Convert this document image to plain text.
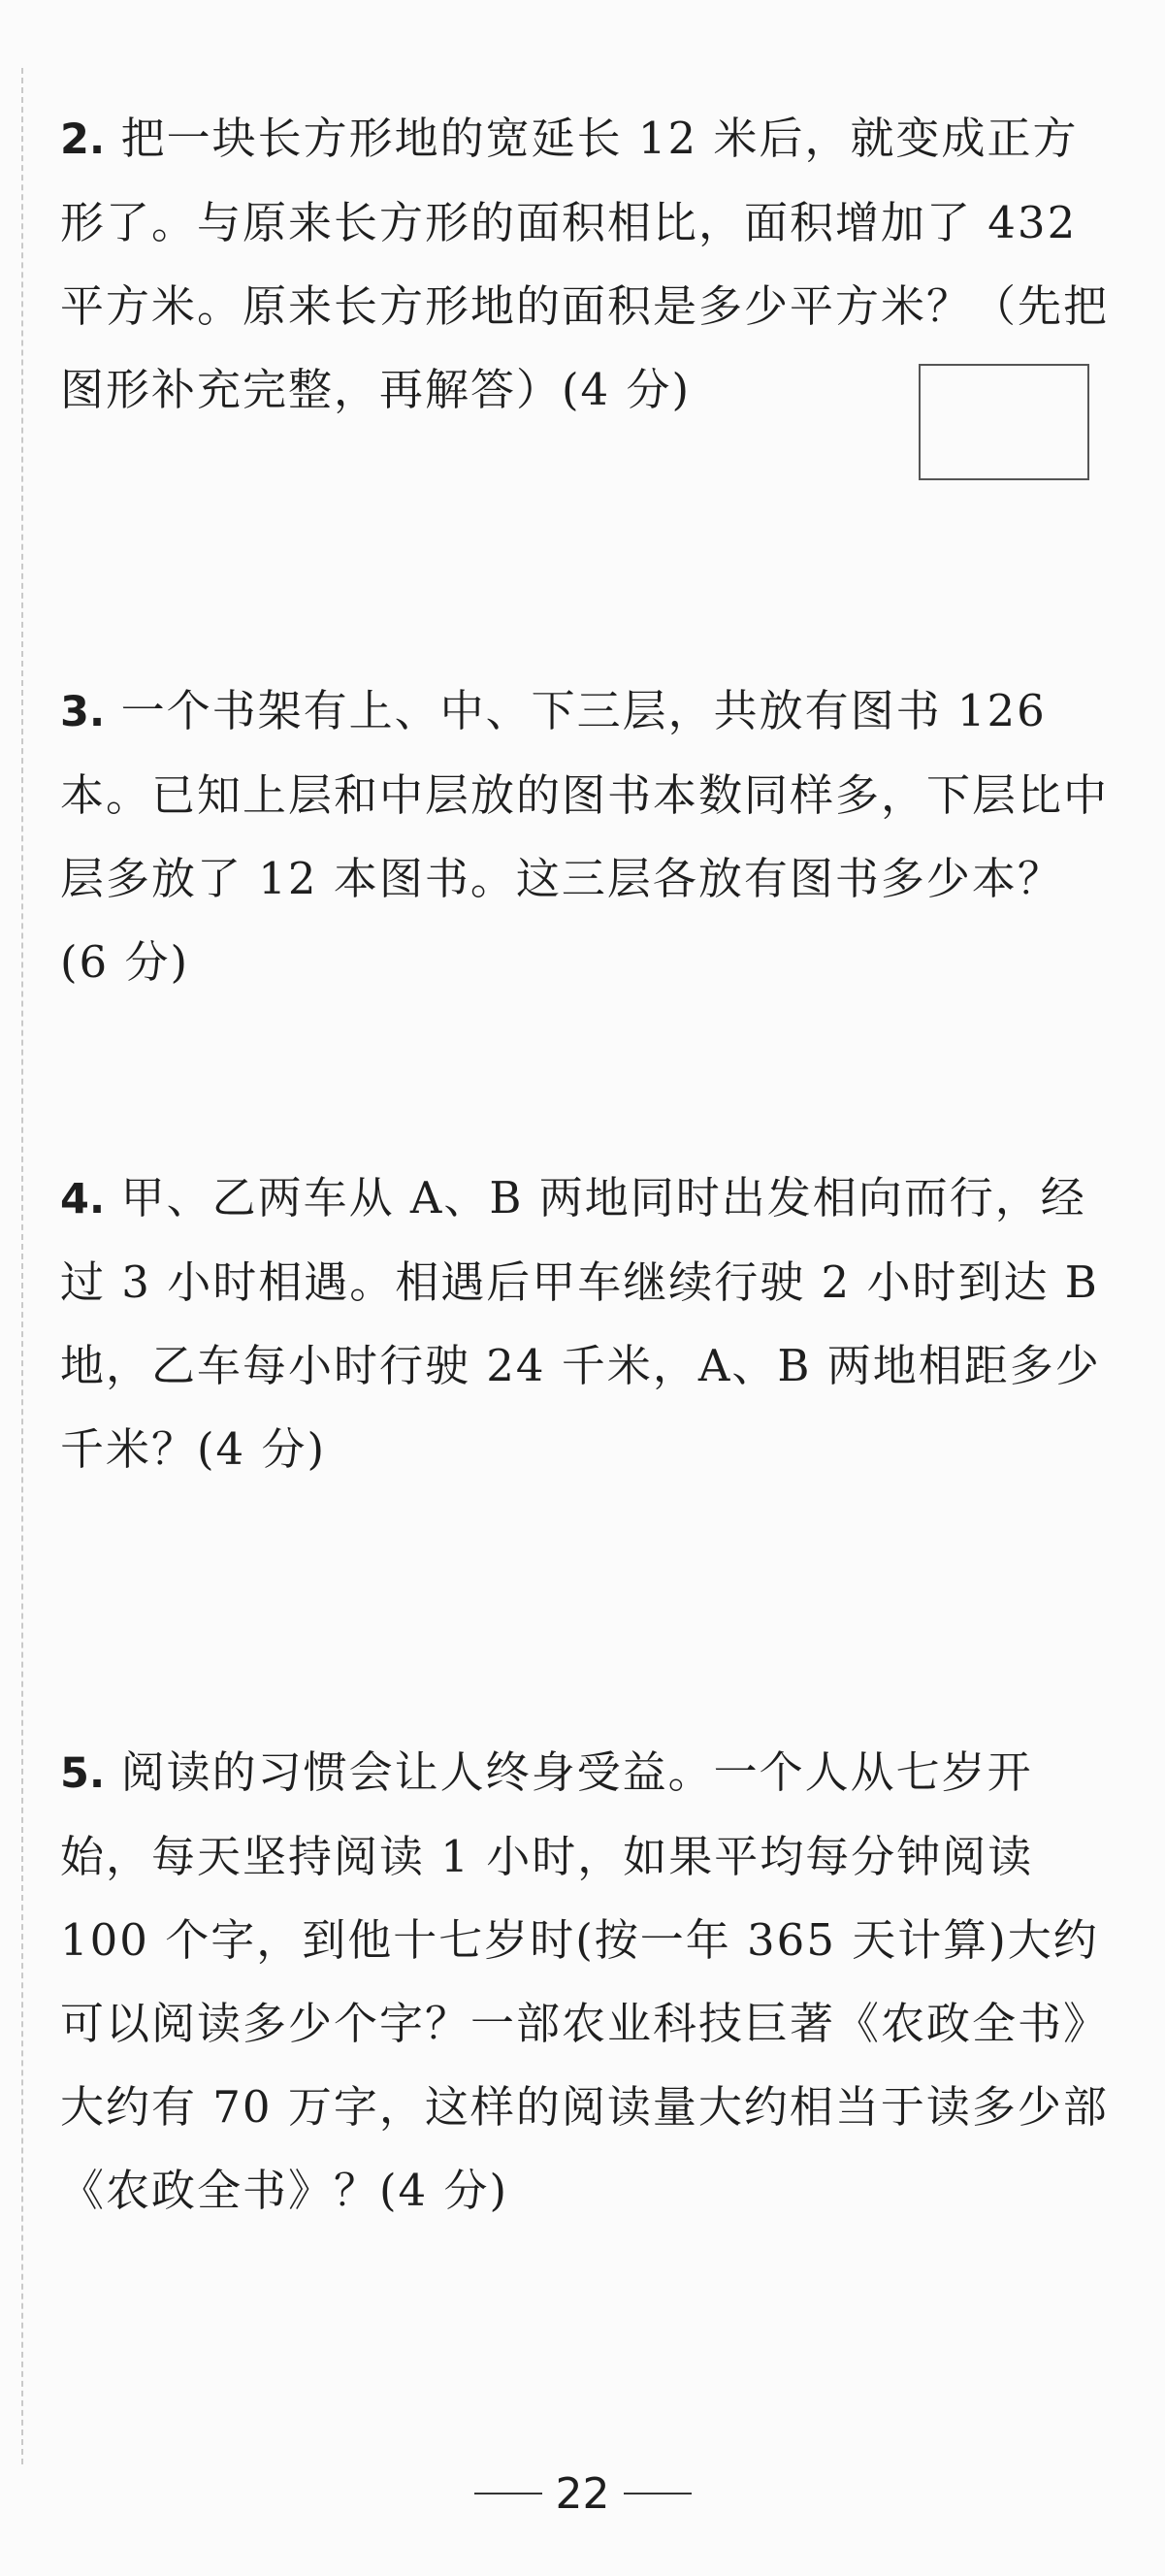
2. 把一块长方形地的宽延长 12 米后，就变成正方形了。与原来长方形的面积相比，面积增加了 432 平方米。原来长方形地的面积是多少平方米？（先把图形补充完整，再解答）(4 分)
3. 一个书架有上、中、下三层，共放有图书 126 本。已知上层和中层放的图书本数同样多，下层比中层多放了 12 本图书。这三层各放有图书多少本？(6 分)
4. 甲、乙两车从 A、B 两地同时出发相向而行，经过 3 小时相遇。相遇后甲车继续行驶 2 小时到达 B 地，乙车每小时行驶 24 千米，A、B 两地相距多少千米？(4 分)
5. 阅读的习惯会让人终身受益。一个人从七岁开始，每天坚持阅读 1 小时，如果平均每分钟阅读 100 个字，到他十七岁时(按一年 365 天计算)大约可以阅读多少个字？一部农业科技巨著《农政全书》大约有 70 万字，这样的阅读量大约相当于读多少部《农政全书》？(4 分)
22
